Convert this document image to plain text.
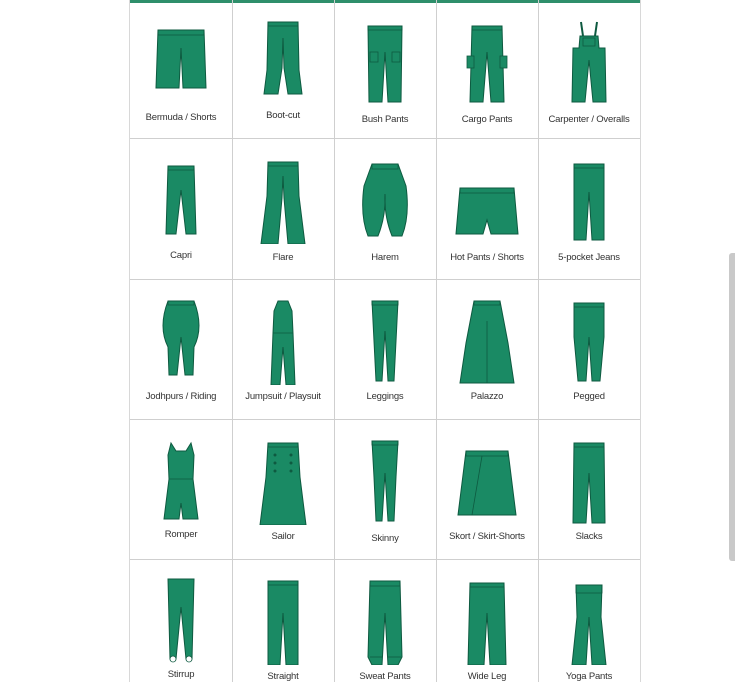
Bermuda / Shorts	Boot-cut	Bush Pants	Cargo Pants	Carpenter / Overalls
Capri	Flare	Harem	Hot Pants / Shorts	5-pocket Jeans
Jodhpurs / Riding	Jumpsuit / Playsuit	Leggings	Palazzo	Pegged
Romper	Sailor	Skinny	Skort / Skirt-Shorts	Slacks
Stirrup	Straight	Sweat Pants	Wide Leg	Yoga Pants
